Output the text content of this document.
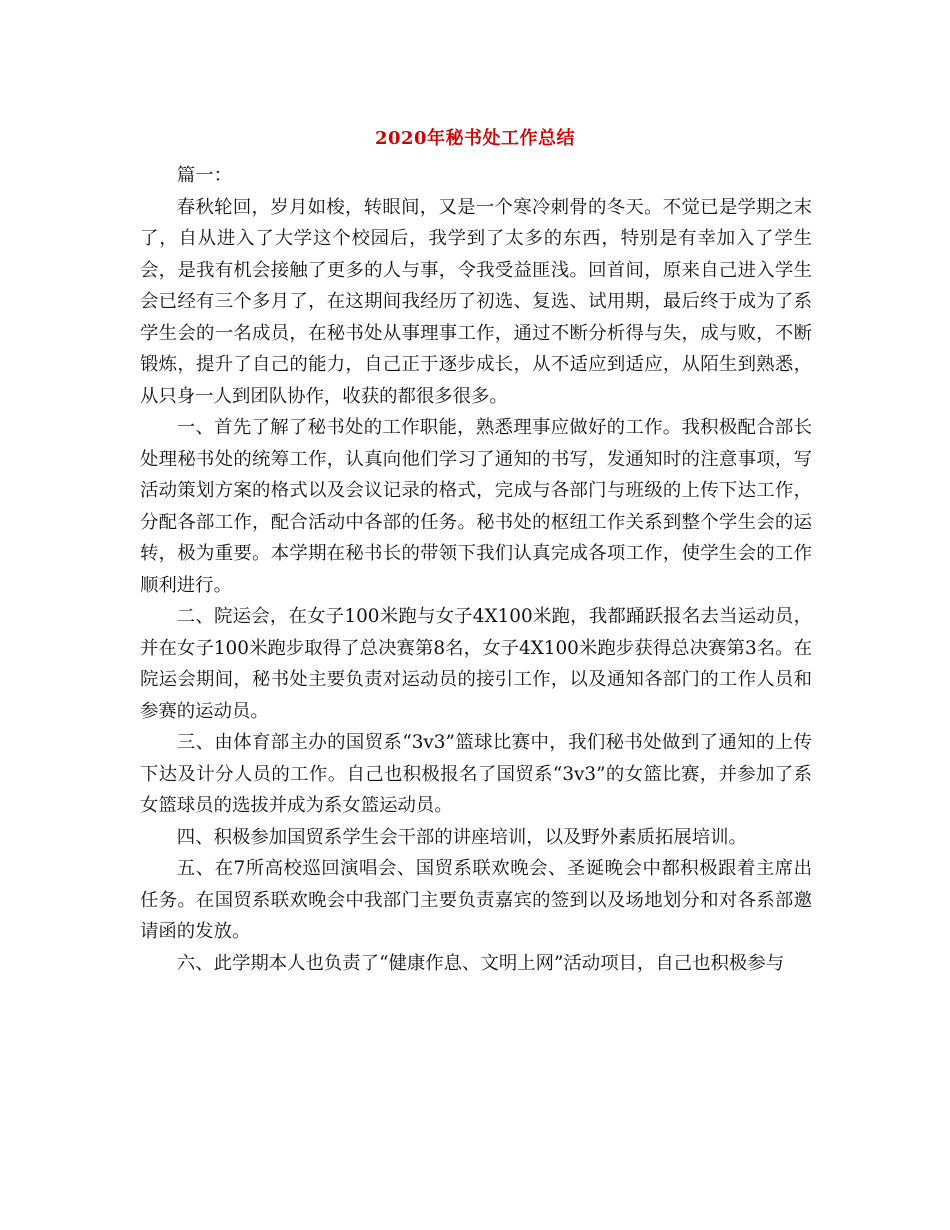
2020年秘书处工作总结

篇一：

春秋轮回，岁月如梭，转眼间，又是一个寒冷刺骨的冬天。不觉已是学期之末了，自从进入了大学这个校园后，我学到了太多的东西，特别是有幸加入了学生会，是我有机会接触了更多的人与事，令我受益匪浅。回首间，原来自己进入学生会已经有三个多月了，在这期间我经历了初选、复选、试用期，最后终于成为了系学生会的一名成员，在秘书处从事理事工作，通过不断分析得与失，成与败，不断锻炼，提升了自己的能力，自己正于逐步成长，从不适应到适应，从陌生到熟悉，从只身一人到团队协作，收获的都很多很多。

一、首先了解了秘书处的工作职能，熟悉理事应做好的工作。我积极配合部长处理秘书处的统筹工作，认真向他们学习了通知的书写，发通知时的注意事项，写活动策划方案的格式以及会议记录的格式，完成与各部门与班级的上传下达工作，分配各部工作，配合活动中各部的任务。秘书处的枢纽工作关系到整个学生会的运转，极为重要。本学期在秘书长的带领下我们认真完成各项工作，使学生会的工作顺利进行。

二、院运会，在女子100米跑与女子4X100米跑，我都踊跃报名去当运动员，并在女子100米跑步取得了总决赛第8名，女子4X100米跑步获得总决赛第3名。在院运会期间，秘书处主要负责对运动员的接引工作，以及通知各部门的工作人员和参赛的运动员。

三、由体育部主办的国贸系“3v3”篮球比赛中，我们秘书处做到了通知的上传下达及计分人员的工作。自己也积极报名了国贸系“3v3”的女篮比赛，并参加了系女篮球员的选拔并成为系女篮运动员。

四、积极参加国贸系学生会干部的讲座培训，以及野外素质拓展培训。

五、在7所高校巡回演唱会、国贸系联欢晚会、圣诞晚会中都积极跟着主席出任务。在国贸系联欢晚会中我部门主要负责嘉宾的签到以及场地划分和对各系部邀请函的发放。

六、此学期本人也负责了“健康作息、文明上网”活动项目，自己也积极参与
